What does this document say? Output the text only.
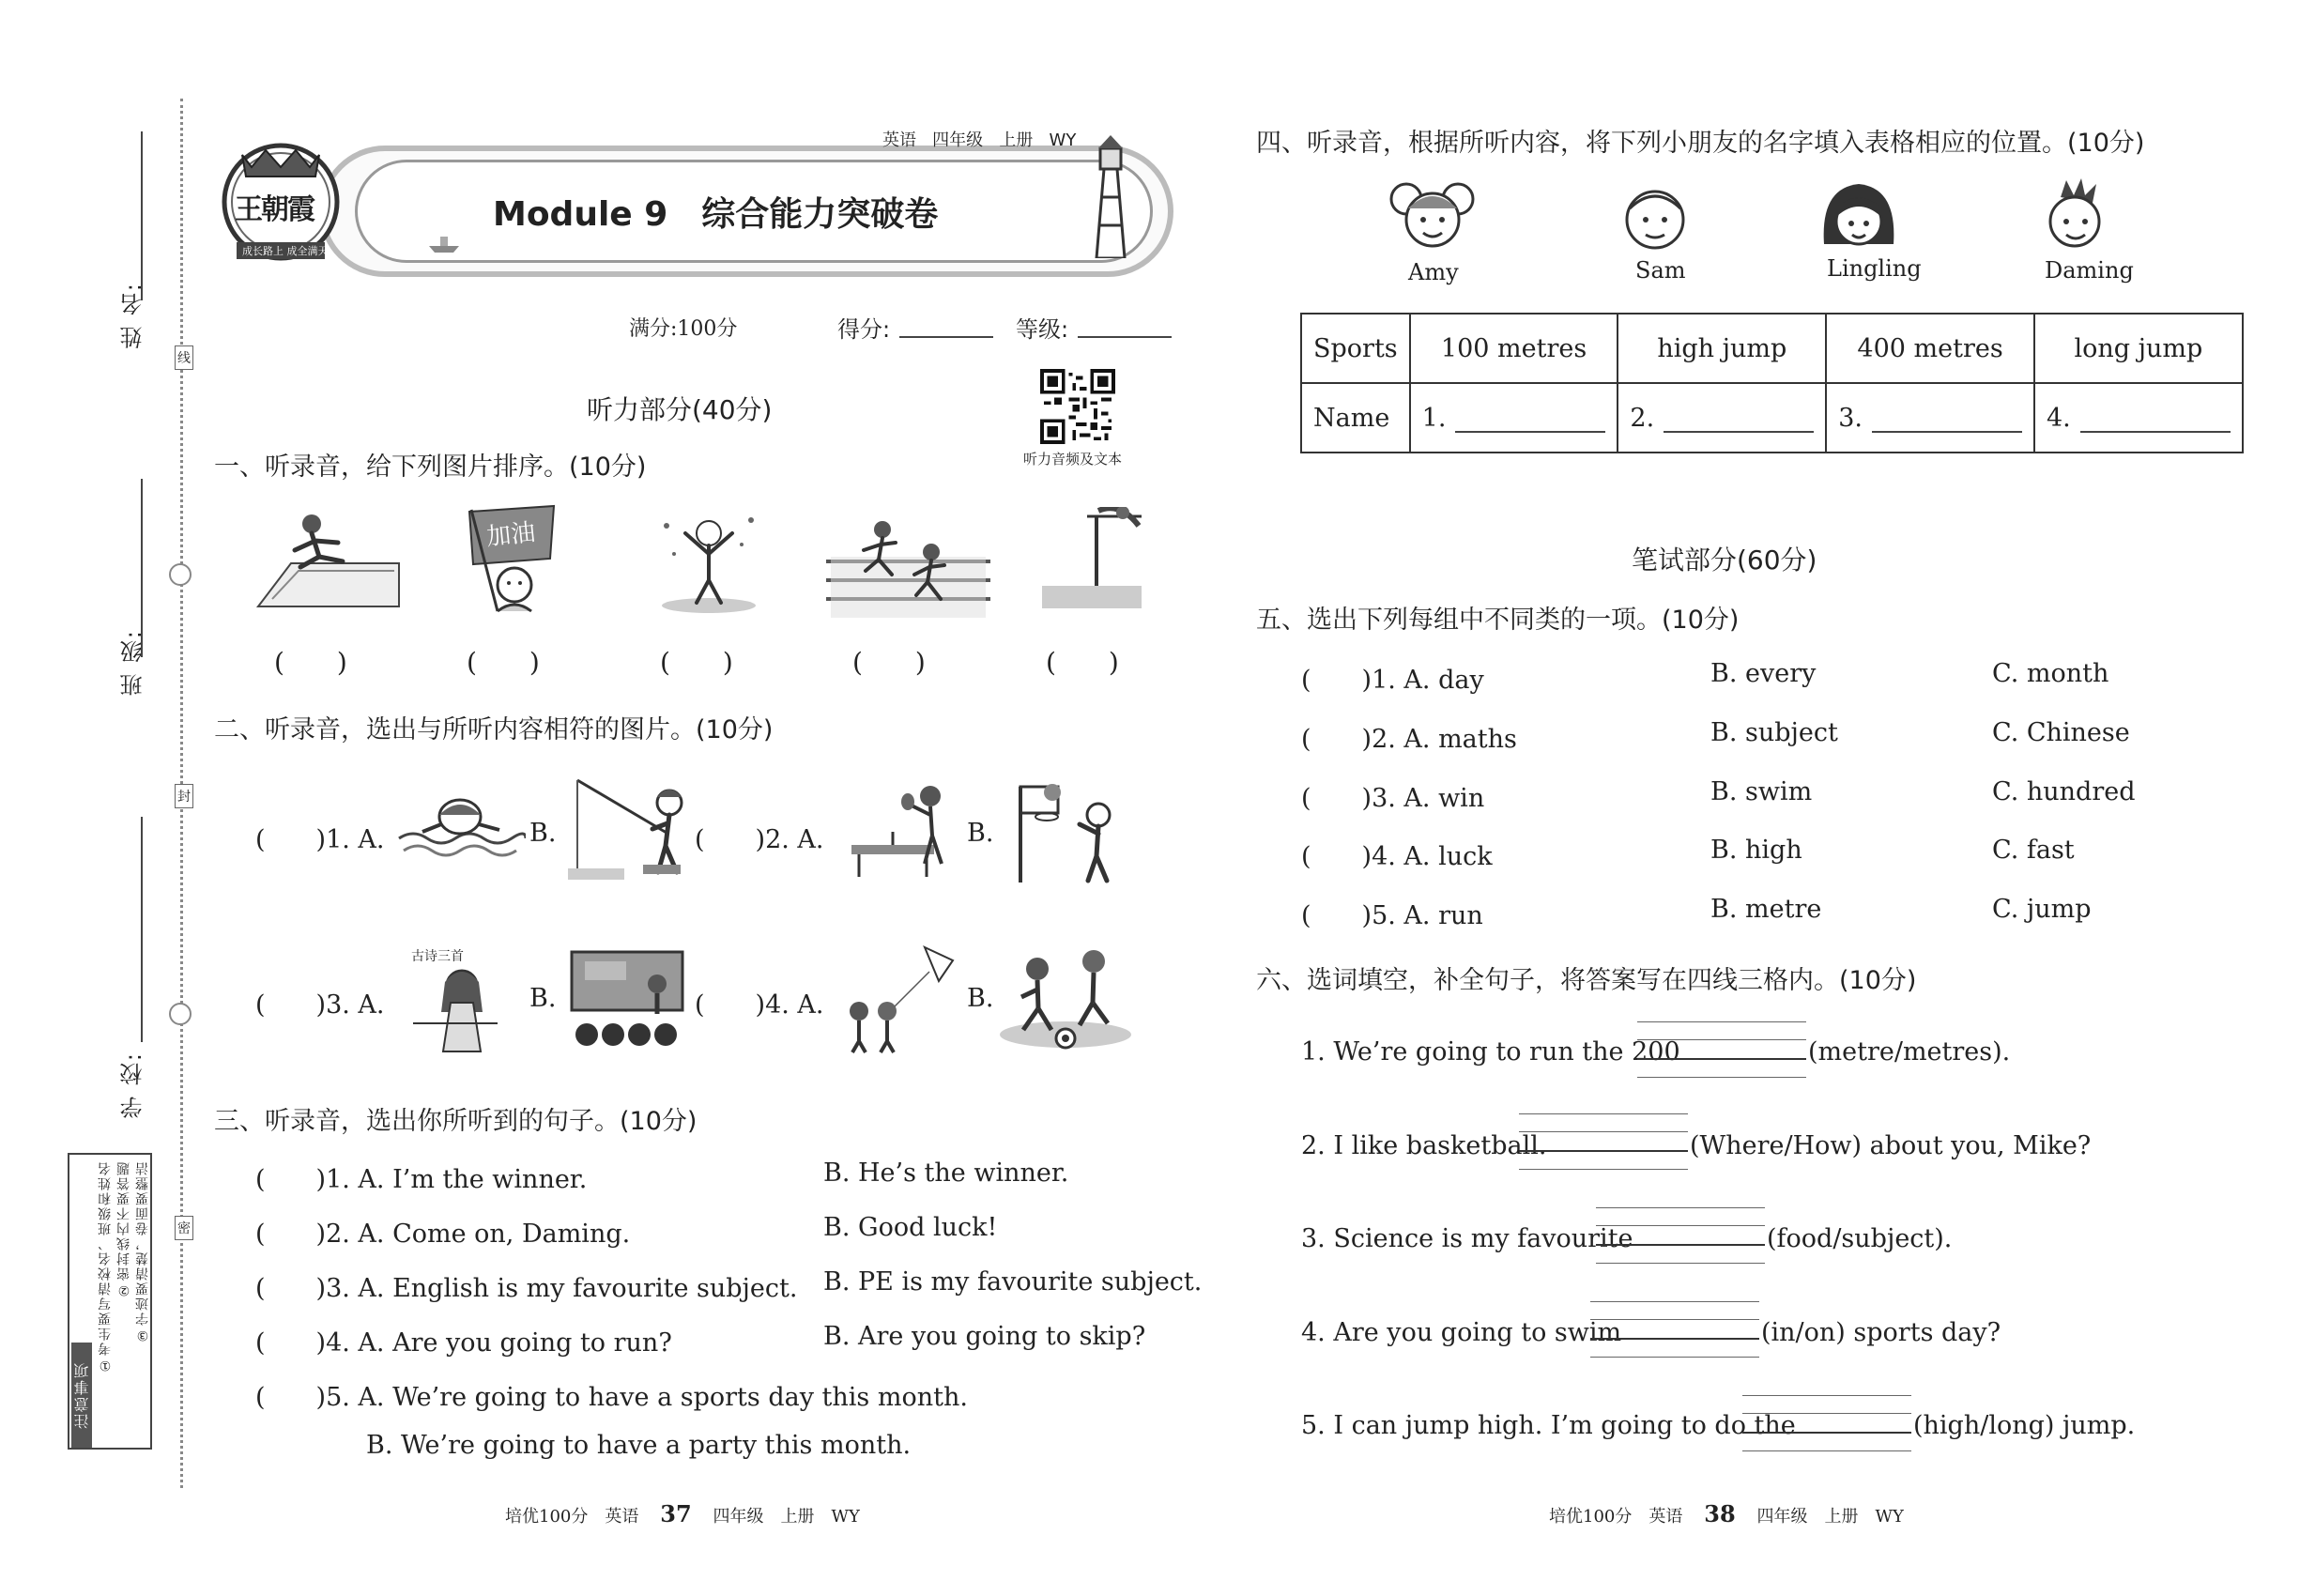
线
封
密
姓 名:
班 级:
学 校:
注意事项
①考生要写清校名、班级和姓名 ②密封线内不要答题 ③字迹要清楚，卷面要整洁
王朝霞
成长路上 成全满天
英语 四年级 上册 WY
Module 9　综合能力突破卷
满分:100分	得分:	等级:
听力音频及文本
听力部分(40分)
一、听录音，给下列图片排序。(10分)
加油
(　　)	(　　)	(　　)	(　　)	(　　)
二、听录音，选出与所听内容相符的图片。(10分)
(　　)1. A.	B.	(　　)2. A.	B.
(　　)3. A.
古诗三首
B.	(　　)4. A.	B.
三、听录音，选出你所听到的句子。(10分)
(　　)1. A. I’m the winner.	B. He’s the winner.
(　　)2. A. Come on, Daming.	B. Good luck!
(　　)3. A. English is my favourite subject. B. PE is my favourite subject.
(　　)4. A. Are you going to run?	B. Are you going to skip?
(　　)5. A. We’re going to have a sports day this month.
B. We’re going to have a party this month.
培优100分　英语 37 四年级　上册　WY
四、听录音，根据所听内容，将下列小朋友的名字填入表格相应的位置。(10分)
Amy	Sam	Lingling	Daming
Sports	100 metres	high jump	400 metres	long jump
Name	1.	2.	3.	4.
笔试部分(60分)
五、选出下列每组中不同类的一项。(10分)
(　　)1. A. day	B. every	C. month
(　　)2. A. maths	B. subject	C. Chinese
(　　)3. A. win	B. swim	C. hundred
(　　)4. A. luck	B. high	C. fast
(　　)5. A. run	B. metre	C. jump
六、选词填空，补全句子，将答案写在四线三格内。(10分)
1. We’re going to run the 200	(metre/metres).
2. I like basketball.	(Where/How) about you, Mike?
3. Science is my favourite	(food/subject).
4. Are you going to swim	(in/on) sports day?
5. I can jump high. I’m going to do the	(high/long) jump.
培优100分　英语 38 四年级　上册　WY
